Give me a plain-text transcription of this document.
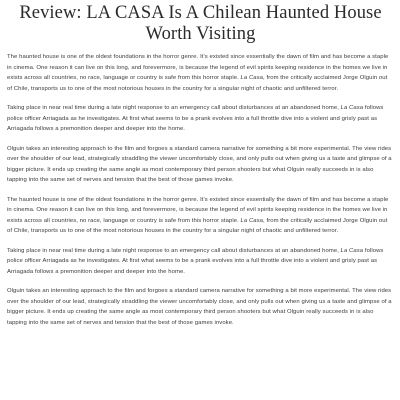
Review: LA CASA Is A Chilean Haunted House Worth Visiting

The haunted house is one of the oldest foundations in the horror genre. It’s existed since essentially the dawn of film and has become a staple in cinema. One reason it can live on this long, and forevermore, is because the legend of evil spirits keeping residence in the homes we live in exists across all countries, no race, language or country is safe from this horror staple. La Casa, from the critically acclaimed Jorge Olguin out of Chile, transports us to one of the most notorious houses in the country for a singular night of chaotic and unfiltered terror.

Taking place in near real time during a late night response to an emergency call about disturbances at an abandoned home, La Casa follows police officer Arriagada as he investigates. At first what seems to be a prank evolves into a full throttle dive into a violent and grisly past as Arriagada follows a premonition deeper and deeper into the home.

Olguin takes an interesting approach to the film and forgoes a standard camera narrative for something a bit more experimental. The view rides over the shoulder of our lead, strategically straddling the viewer uncomfortably close, and only pulls out when giving us a taste and glimpse of a bigger picture. It ends up creating the same angle as most contemporary third person shooters but what Olguin really succeeds in is also tapping into the same set of nerves and tension that the best of those games invoke.

The haunted house is one of the oldest foundations in the horror genre. It’s existed since essentially the dawn of film and has become a staple in cinema. One reason it can live on this long, and forevermore, is because the legend of evil spirits keeping residence in the homes we live in exists across all countries, no race, language or country is safe from this horror staple. La Casa, from the critically acclaimed Jorge Olguin out of Chile, transports us to one of the most notorious houses in the country for a singular night of chaotic and unfiltered terror.

Taking place in near real time during a late night response to an emergency call about disturbances at an abandoned home, La Casa follows police officer Arriagada as he investigates. At first what seems to be a prank evolves into a full throttle dive into a violent and grisly past as Arriagada follows a premonition deeper and deeper into the home.

Olguin takes an interesting approach to the film and forgoes a standard camera narrative for something a bit more experimental. The view rides over the shoulder of our lead, strategically straddling the viewer uncomfortably close, and only pulls out when giving us a taste and glimpse of a bigger picture. It ends up creating the same angle as most contemporary third person shooters but what Olguin really succeeds in is also tapping into the same set of nerves and tension that the best of those games invoke.
